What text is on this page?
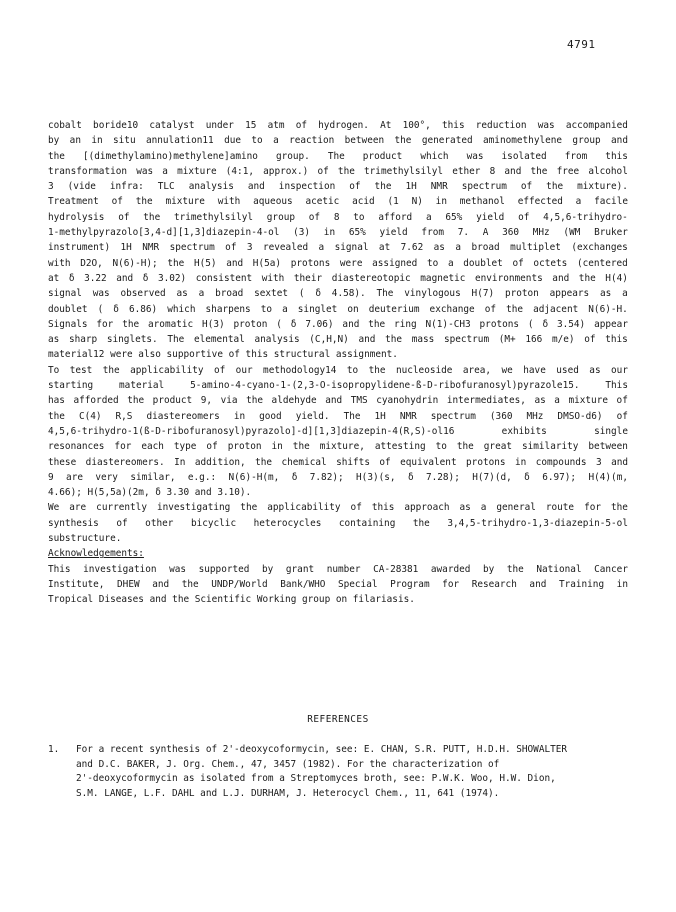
4791
cobalt boride10 catalyst under 15 atm of hydrogen. At 100°, this reduction was accompanied
by an in situ annulation11 due to a reaction between the generated aminomethylene group and
the [(dimethylamino)methylene]amino group. The product which was isolated from this
transformation was a mixture (4:1, approx.) of the trimethylsilyl ether 8 and the free alcohol
3 (vide infra: TLC analysis and inspection of the 1H NMR spectrum of the mixture).
Treatment of the mixture with aqueous acetic acid (1 N) in methanol effected a facile
hydrolysis of the trimethylsilyl group of 8 to afford a 65% yield of 4,5,6-trihydro-
1-methylpyrazolo[3,4-d][1,3]diazepin-4-ol (3) in 65% yield from 7. A 360 MHz (WM Bruker
instrument) 1H NMR spectrum of 3 revealed a signal at 7.62 as a broad multiplet (exchanges
with D2O, N(6)-H); the H(5) and H(5a) protons were assigned to a doublet of octets (centered
at δ 3.22 and δ 3.02) consistent with their diastereotopic magnetic environments and the H(4)
signal was observed as a broad sextet ( δ 4.58). The vinylogous H(7) proton appears as a
doublet ( δ 6.86) which sharpens to a singlet on deuterium exchange of the adjacent N(6)-H.
Signals for the aromatic H(3) proton ( δ 7.06) and the ring N(1)-CH3 protons ( δ 3.54) appear
as sharp singlets. The elemental analysis (C,H,N) and the mass spectrum (M+ 166 m/e) of this
material12 were also supportive of this structural assignment.
To test the applicability of our methodology14 to the nucleoside area, we have used as our
starting	material	5-amino-4-cyano-1-(2,3-O-isopropylidene-ß-D-ribofuranosyl)pyrazole15.	This
has afforded the product 9, via the aldehyde and TMS cyanohydrin intermediates, as a mixture of
the C(4) R,S diastereomers in good yield. The 1H NMR spectrum (360 MHz DMSO-d6) of
4,5,6-trihydro-1(ß-D-ribofuranosyl)pyrazolo]-d][1,3]diazepin-4(R,S)-ol16	exhibits	single
resonances for each type of proton in the mixture, attesting to the great similarity between
these diastereomers. In addition, the chemical shifts of equivalent protons in compounds 3 and
9 are very similar, e.g.: N(6)-H(m, δ 7.82); H(3)(s, δ 7.28); H(7)(d, δ 6.97); H(4)(m,
4.66); H(5,5a)(2m, δ 3.30 and 3.10).
We are currently investigating the applicability of this approach as a general route for the
synthesis of other bicyclic heterocycles containing the 3,4,5-trihydro-1,3-diazepin-5-ol
substructure.
Acknowledgements:
This investigation was supported by grant number CA-28381 awarded by the National Cancer
Institute, DHEW and the UNDP/World Bank/WHO Special Program for Research and Training in
Tropical Diseases and the Scientific Working group on filariasis.
REFERENCES
1. For a recent synthesis of 2'-deoxycoformycin, see: E. CHAN, S.R. PUTT, H.D.H. SHOWALTER
and D.C. BAKER, J. Org. Chem., 47, 3457 (1982). For the characterization of
2'-deoxycoformycin as isolated from a Streptomyces broth, see: P.W.K. Woo, H.W. Dion,
S.M. LANGE, L.F. DAHL and L.J. DURHAM, J. Heterocycl Chem., 11, 641 (1974).
